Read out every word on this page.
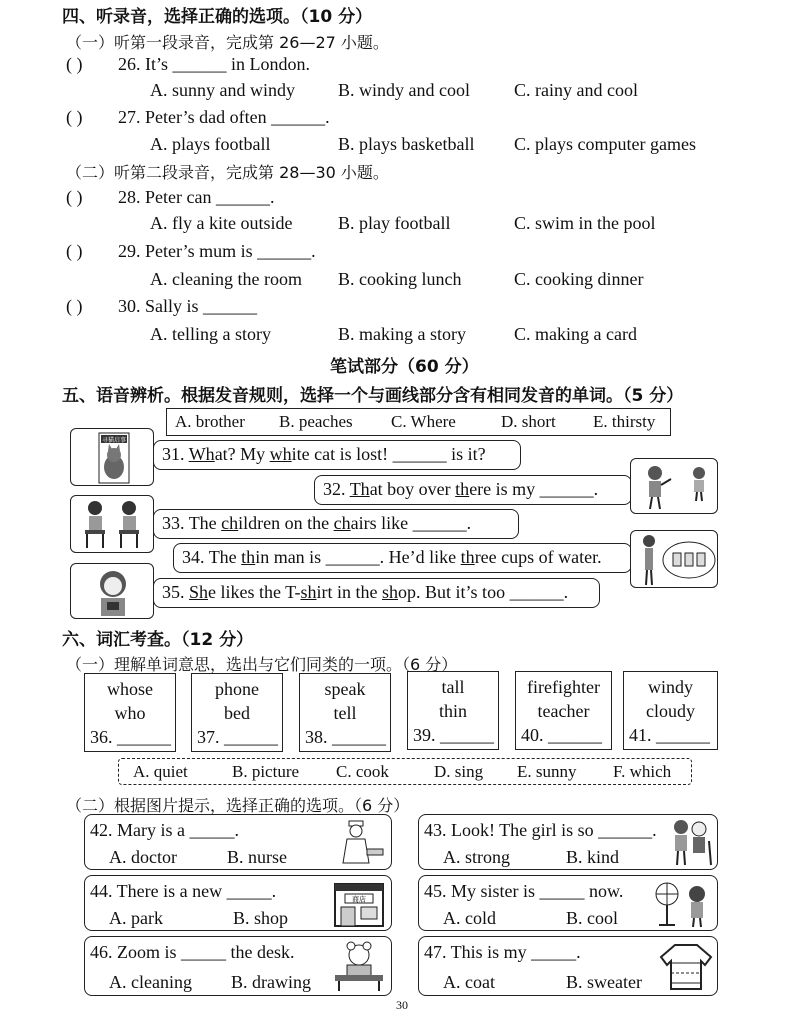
四、听录音，选择正确的选项。（10 分）
（一）听第一段录音，完成第 26—27 小题。
( ) 26. It’s ______ in London.
A. sunny and windy B. windy and cool C. rainy and cool
( ) 27. Peter’s dad often ______.
A. plays football	B. plays basketball C. plays computer games
（二）听第二段录音，完成第 28—30 小题。
( ) 28. Peter can ______.
A. fly a kite outside	B. play football	C. swim in the pool
( ) 29. Peter’s mum is ______.
A. cleaning the room B. cooking lunch	C. cooking dinner
( ) 30. Sally is ______
A. telling a story	B. making a story	C. making a card
笔试部分（60 分）
五、语音辨析。根据发音规则，选择一个与画线部分含有相同发音的单词。（5 分）
A. brother B. peaches C. Where	D. short E. thirsty
寻猫启事
31. What? My white cat is lost! ______ is it?
32. That boy over there is my ______.
33. The children on the chairs like ______.
34. The thin man is ______. He’d like three cups of water.
35. She likes the T-shirt in the shop. But it’s too ______.
六、词汇考查。（12 分）
（一）理解单词意思，选出与它们同类的一项。（6 分）
whose
who
36. ______
phone
bed
37. ______
speak
tell
38. ______
tall
thin
39. ______
firefighter
teacher
40. ______
windy
cloudy
41. ______
A. quiet	B. picture C. cook	D. sing E. sunny F. which
（二）根据图片提示，选择正确的选项。（6 分）
42. Mary is a _____.
A. doctor	B. nurse
43. Look! The girl is so ______.
A. strong	B. kind
44. There is a new _____.
A. park	B. shop
商店	45. My sister is _____ now.
A. cold	B. cool
46. Zoom is _____ the desk.
A. cleaning B. drawing
47. This is my _____.
A. coat	B. sweater
30
